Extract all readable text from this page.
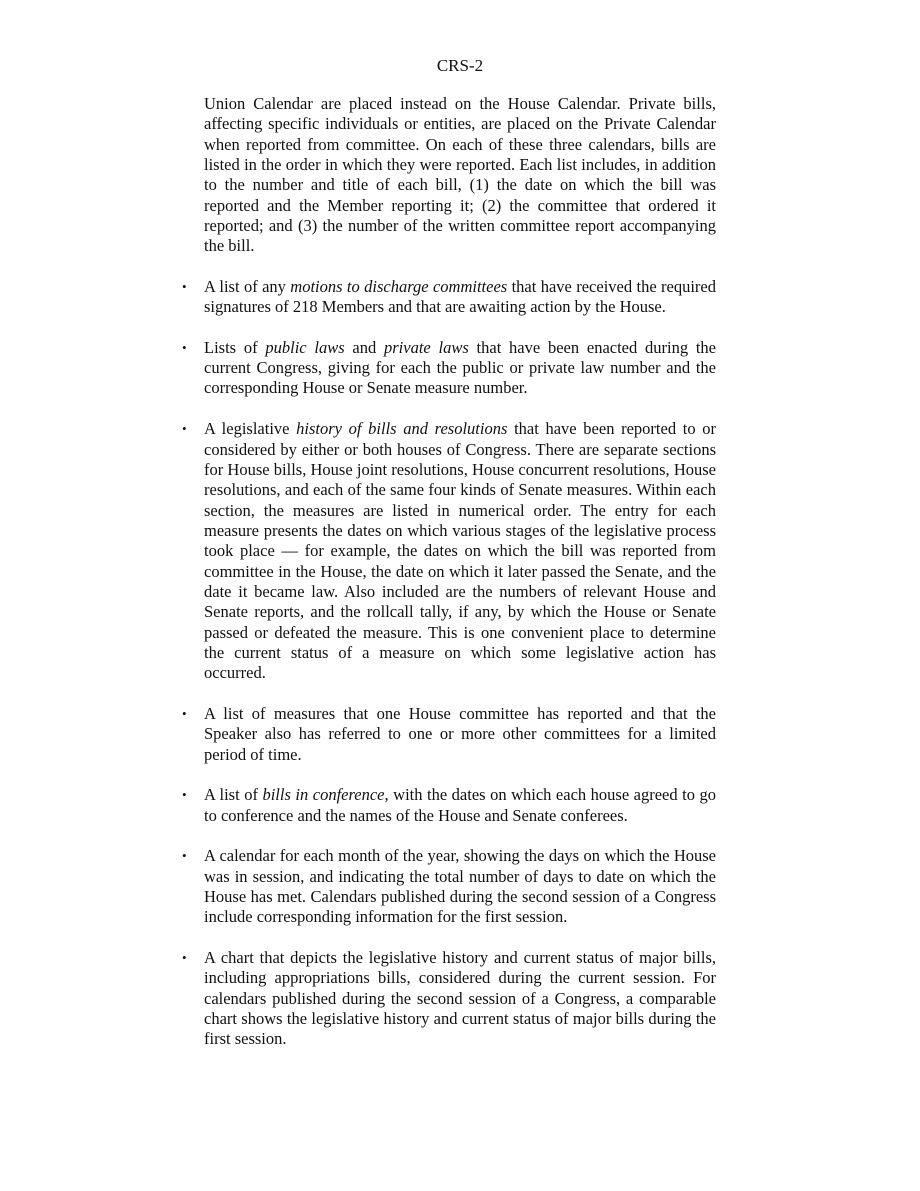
CRS-2

Union Calendar are placed instead on the House Calendar. Private bills, affecting specific individuals or entities, are placed on the Private Calendar when reported from committee. On each of these three calendars, bills are listed in the order in which they were reported. Each list includes, in addition to the number and title of each bill, (1) the date on which the bill was reported and the Member reporting it; (2) the committee that ordered it reported; and (3) the number of the written committee report accompanying the bill.

• A list of any motions to discharge committees that have received the required signatures of 218 Members and that are awaiting action by the House.
• Lists of public laws and private laws that have been enacted during the current Congress, giving for each the public or private law number and the corresponding House or Senate measure number.
• A legislative history of bills and resolutions that have been reported to or considered by either or both houses of Congress. There are separate sections for House bills, House joint resolutions, House concurrent resolutions, House resolutions, and each of the same four kinds of Senate measures. Within each section, the measures are listed in numerical order. The entry for each measure presents the dates on which various stages of the legislative process took place — for example, the dates on which the bill was reported from committee in the House, the date on which it later passed the Senate, and the date it became law. Also included are the numbers of relevant House and Senate reports, and the rollcall tally, if any, by which the House or Senate passed or defeated the measure. This is one convenient place to determine the current status of a measure on which some legislative action has occurred.
• A list of measures that one House committee has reported and that the Speaker also has referred to one or more other committees for a limited period of time.
• A list of bills in conference, with the dates on which each house agreed to go to conference and the names of the House and Senate conferees.
• A calendar for each month of the year, showing the days on which the House was in session, and indicating the total number of days to date on which the House has met. Calendars published during the second session of a Congress include corresponding information for the first session.
• A chart that depicts the legislative history and current status of major bills, including appropriations bills, considered during the current session. For calendars published during the second session of a Congress, a comparable chart shows the legislative history and current status of major bills during the first session.
